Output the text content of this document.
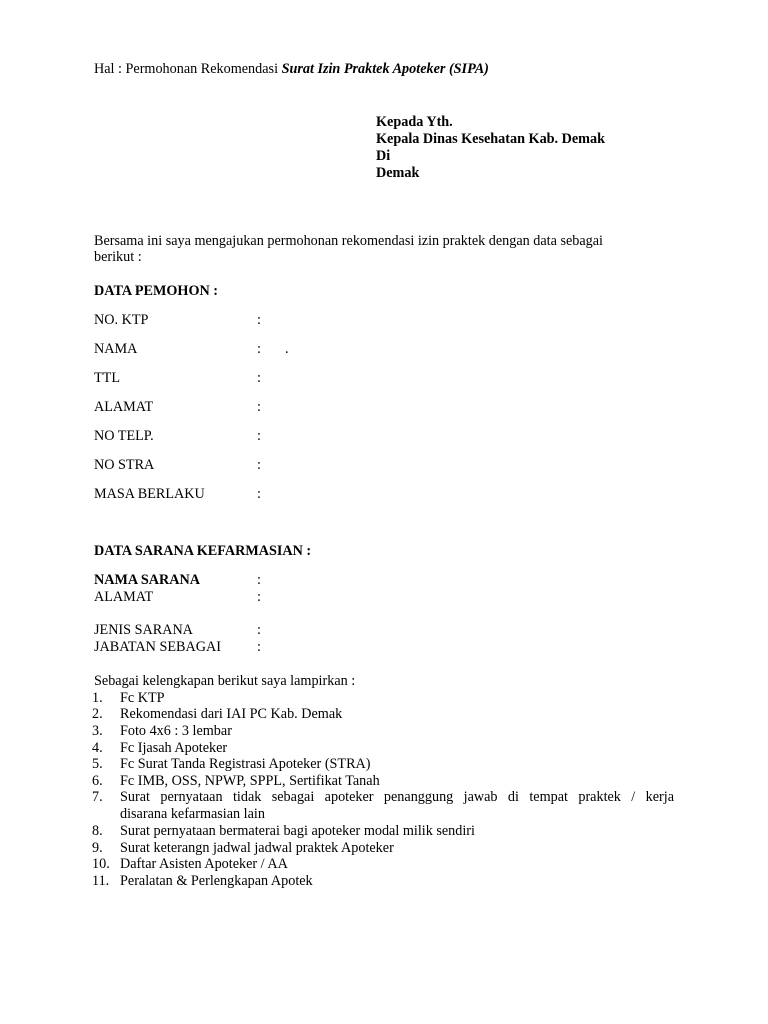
Hal : Permohonan Rekomendasi Surat Izin Praktek Apoteker (SIPA)
Kepada Yth.
Kepala Dinas Kesehatan Kab. Demak
Di
Demak
Bersama ini saya mengajukan permohonan rekomendasi izin praktek dengan data sebagai
berikut :
DATA PEMOHON :
NO. KTP	:
NAMA	: .
TTL	:
ALAMAT	:
NO TELP.	:
NO STRA	:
MASA BERLAKU	:
DATA SARANA KEFARMASIAN :
NAMA SARANA	:
ALAMAT	:
JENIS SARANA	:
JABATAN SEBAGAI	:
Sebagai kelengkapan berikut saya lampirkan :
1. Fc KTP
2. Rekomendasi dari IAI PC Kab. Demak
3. Foto 4x6 : 3 lembar
4. Fc Ijasah Apoteker
5. Fc Surat Tanda Registrasi Apoteker (STRA)
6. Fc IMB, OSS, NPWP, SPPL, Sertifikat Tanah
7. Surat pernyataan tidak sebagai apoteker penanggung jawab di tempat praktek / kerja
disarana kefarmasian lain
8. Surat pernyataan bermaterai bagi apoteker modal milik sendiri
9. Surat keterangn jadwal jadwal praktek Apoteker
10. Daftar Asisten Apoteker / AA
11. Peralatan & Perlengkapan Apotek
